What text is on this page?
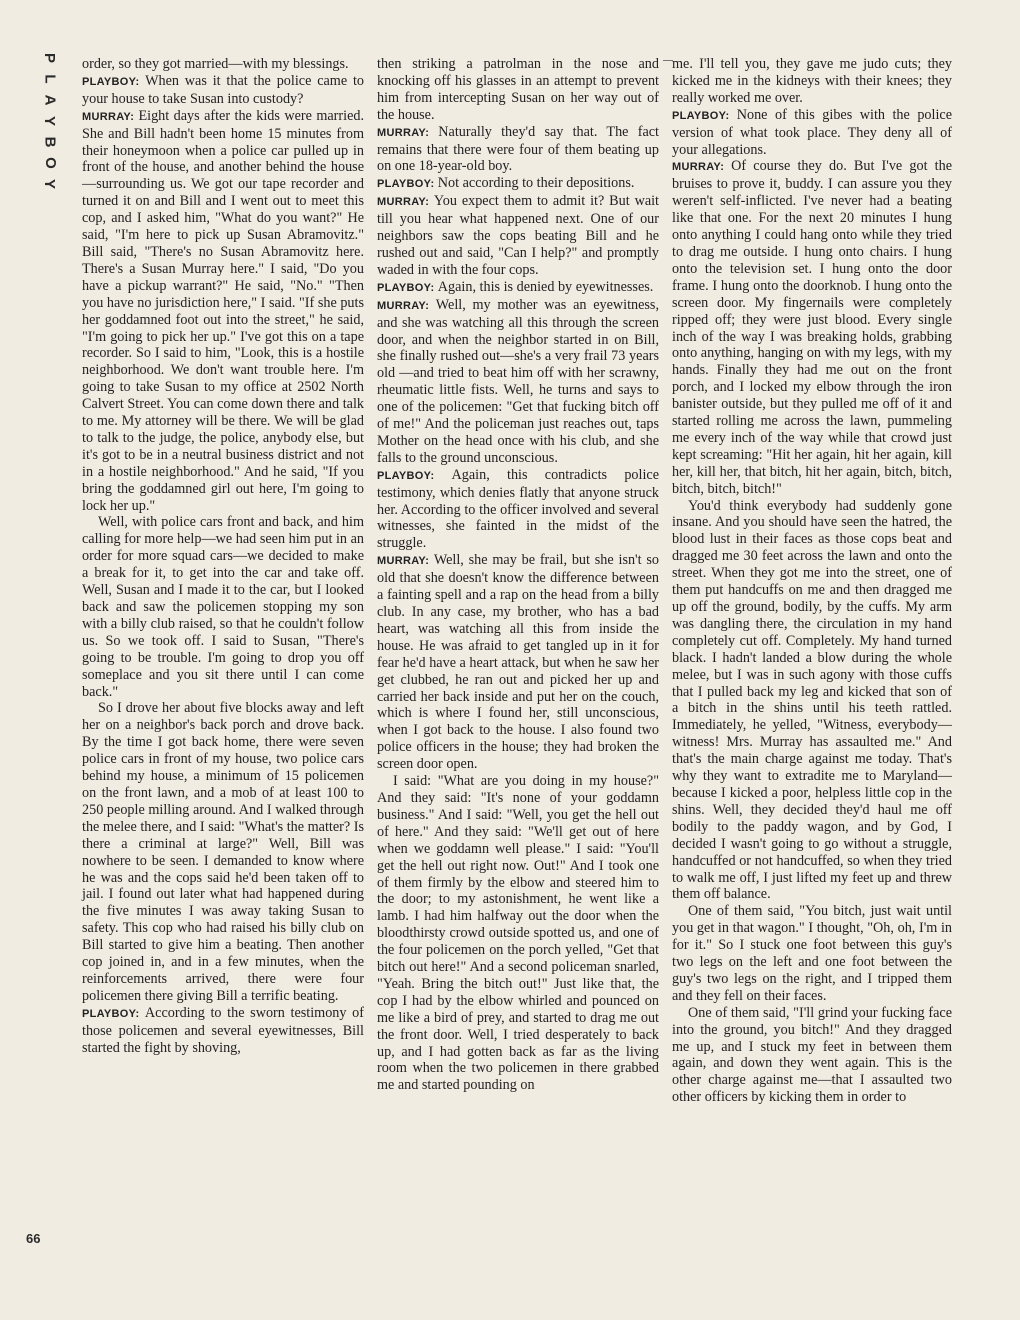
P
L
A
Y
B
O
Y
66

order, so they got married—with my blessings.

PLAYBOY: When was it that the police came to your house to take Susan into custody?

MURRAY: Eight days after the kids were married. She and Bill hadn't been home 15 minutes from their honeymoon when a police car pulled up in front of the house, and another behind the house—surrounding us. We got our tape recorder and turned it on and Bill and I went out to meet this cop, and I asked him, "What do you want?" He said, "I'm here to pick up Susan Abramovitz." Bill said, "There's no Susan Abramovitz here. There's a Susan Murray here." I said, "Do you have a pickup warrant?" He said, "No." "Then you have no jurisdiction here," I said. "If she puts her goddamned foot out into the street," he said, "I'm going to pick her up." I've got this on a tape recorder. So I said to him, "Look, this is a hostile neighborhood. We don't want trouble here. I'm going to take Susan to my office at 2502 North Calvert Street. You can come down there and talk to me. My attorney will be there. We will be glad to talk to the judge, the police, anybody else, but it's got to be in a neutral business district and not in a hostile neighborhood." And he said, "If you bring the goddamned girl out here, I'm going to lock her up."

Well, with police cars front and back, and him calling for more help—we had seen him put in an order for more squad cars—we decided to make a break for it, to get into the car and take off. Well, Susan and I made it to the car, but I looked back and saw the policemen stopping my son with a billy club raised, so that he couldn't follow us. So we took off. I said to Susan, "There's going to be trouble. I'm going to drop you off someplace and you sit there until I can come back."

So I drove her about five blocks away and left her on a neighbor's back porch and drove back. By the time I got back home, there were seven police cars in front of my house, two police cars behind my house, a minimum of 15 policemen on the front lawn, and a mob of at least 100 to 250 people milling around. And I walked through the melee there, and I said: "What's the matter? Is there a criminal at large?" Well, Bill was nowhere to be seen. I demanded to know where he was and the cops said he'd been taken off to jail. I found out later what had happened during the five minutes I was away taking Susan to safety. This cop who had raised his billy club on Bill started to give him a beating. Then another cop joined in, and in a few minutes, when the reinforcements arrived, there were four policemen there giving Bill a terrific beating.

PLAYBOY: According to the sworn testimony of those policemen and several eyewitnesses, Bill started the fight by shoving,

then striking a patrolman in the nose and knocking off his glasses in an attempt to prevent him from intercepting Susan on her way out of the house.

MURRAY: Naturally they'd say that. The fact remains that there were four of them beating up on one 18-year-old boy.

PLAYBOY: Not according to their depositions.

MURRAY: You expect them to admit it? But wait till you hear what happened next. One of our neighbors saw the cops beating Bill and he rushed out and said, "Can I help?" and promptly waded in with the four cops.

PLAYBOY: Again, this is denied by eyewitnesses.

MURRAY: Well, my mother was an eyewitness, and she was watching all this through the screen door, and when the neighbor started in on Bill, she finally rushed out—she's a very frail 73 years old —and tried to beat him off with her scrawny, rheumatic little fists. Well, he turns and says to one of the policemen: "Get that fucking bitch off of me!" And the policeman just reaches out, taps Mother on the head once with his club, and she falls to the ground unconscious.

PLAYBOY: Again, this contradicts police testimony, which denies flatly that anyone struck her. According to the officer involved and several witnesses, she fainted in the midst of the struggle.

MURRAY: Well, she may be frail, but she isn't so old that she doesn't know the difference between a fainting spell and a rap on the head from a billy club. In any case, my brother, who has a bad heart, was watching all this from inside the house. He was afraid to get tangled up in it for fear he'd have a heart attack, but when he saw her get clubbed, he ran out and picked her up and carried her back inside and put her on the couch, which is where I found her, still unconscious, when I got back to the house. I also found two police officers in the house; they had broken the screen door open.

I said: "What are you doing in my house?" And they said: "It's none of your goddamn business." And I said: "Well, you get the hell out of here." And they said: "We'll get out of here when we goddamn well please." I said: "You'll get the hell out right now. Out!" And I took one of them firmly by the elbow and steered him to the door; to my astonishment, he went like a lamb. I had him halfway out the door when the bloodthirsty crowd outside spotted us, and one of the four policemen on the porch yelled, "Get that bitch out here!" And a second policeman snarled, "Yeah. Bring the bitch out!" Just like that, the cop I had by the elbow whirled and pounced on me like a bird of prey, and started to drag me out the front door. Well, I tried desperately to back up, and I had gotten back as far as the living room when the two policemen in there grabbed me and started pounding on

me. I'll tell you, they gave me judo cuts; they kicked me in the kidneys with their knees; they really worked me over.

PLAYBOY: None of this gibes with the police version of what took place. They deny all of your allegations.

MURRAY: Of course they do. But I've got the bruises to prove it, buddy. I can assure you they weren't self-inflicted. I've never had a beating like that one. For the next 20 minutes I hung onto anything I could hang onto while they tried to drag me outside. I hung onto chairs. I hung onto the television set. I hung onto the door frame. I hung onto the doorknob. I hung onto the screen door. My fingernails were completely ripped off; they were just blood. Every single inch of the way I was breaking holds, grabbing onto anything, hanging on with my legs, with my hands. Finally they had me out on the front porch, and I locked my elbow through the iron banister outside, but they pulled me off of it and started rolling me across the lawn, pummeling me every inch of the way while that crowd just kept screaming: "Hit her again, hit her again, kill her, kill her, that bitch, hit her again, bitch, bitch, bitch, bitch, bitch!"

You'd think everybody had suddenly gone insane. And you should have seen the hatred, the blood lust in their faces as those cops beat and dragged me 30 feet across the lawn and onto the street. When they got me into the street, one of them put handcuffs on me and then dragged me up off the ground, bodily, by the cuffs. My arm was dangling there, the circulation in my hand completely cut off. Completely. My hand turned black. I hadn't landed a blow during the whole melee, but I was in such agony with those cuffs that I pulled back my leg and kicked that son of a bitch in the shins until his teeth rattled. Immediately, he yelled, "Witness, everybody—witness! Mrs. Murray has assaulted me." And that's the main charge against me today. That's why they want to extradite me to Maryland—because I kicked a poor, helpless little cop in the shins. Well, they decided they'd haul me off bodily to the paddy wagon, and by God, I decided I wasn't going to go without a struggle, handcuffed or not handcuffed, so when they tried to walk me off, I just lifted my feet up and threw them off balance.

One of them said, "You bitch, just wait until you get in that wagon." I thought, "Oh, oh, I'm in for it." So I stuck one foot between this guy's two legs on the left and one foot between the guy's two legs on the right, and I tripped them and they fell on their faces.

One of them said, "I'll grind your fucking face into the ground, you bitch!" And they dragged me up, and I stuck my feet in between them again, and down they went again. This is the other charge against me—that I assaulted two other officers by kicking them in order to
